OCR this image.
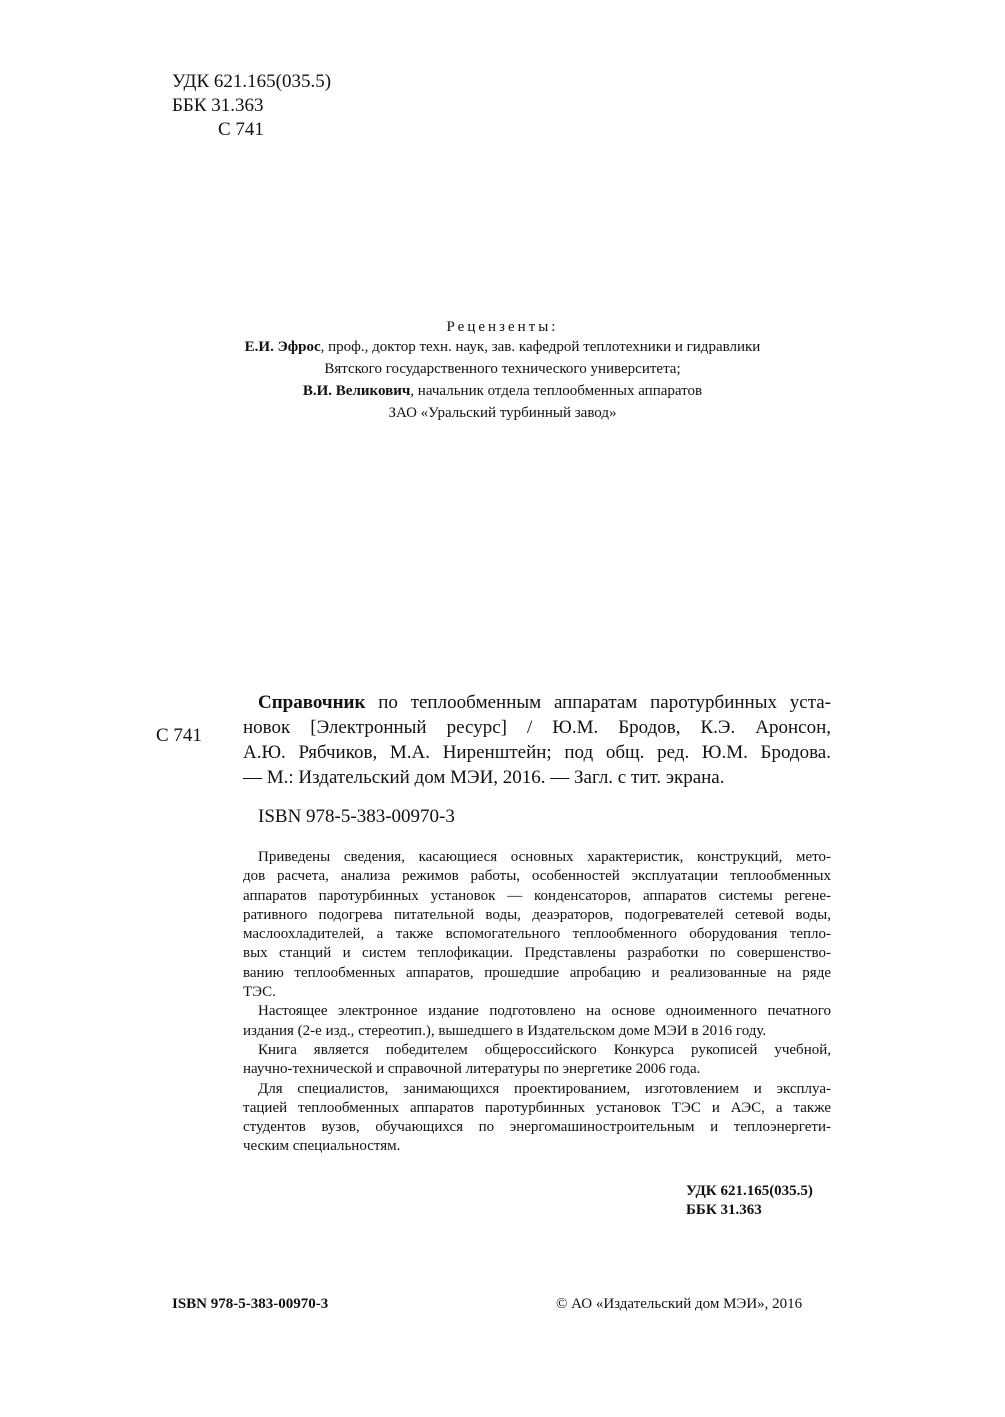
УДК 621.165(035.5)
ББК 31.363
С 741
Рецензенты:
Е.И. Эфрос, проф., доктор техн. наук, зав. кафедрой теплотехники и гидравлики
Вятского государственного технического университета;
В.И. Великович, начальник отдела теплообменных аппаратов
ЗАО «Уральский турбинный завод»
С 741
Справочник по теплообменным аппаратам паротурбинных уста-
новок [Электронный ресурс] / Ю.М. Бродов, К.Э. Аронсон,
А.Ю. Рябчиков, М.А. Ниренштейн; под общ. ред. Ю.М. Бродова.
— М.: Издательский дом МЭИ, 2016. — Загл. с тит. экрана.
ISBN 978-5-383-00970-3

Приведены сведения, касающиеся основных характеристик, конструкций, мето-
дов расчета, анализа режимов работы, особенностей эксплуатации теплообменных
аппаратов паротурбинных установок — конденсаторов, аппаратов системы регене-
ративного подогрева питательной воды, деаэраторов, подогревателей сетевой воды,
маслоохладителей, а также вспомогательного теплообменного оборудования теплo-
вых станций и систем теплофикации. Представлены разработки по совершенство-
ванию теплообменных аппаратов, прошедшие апробацию и реализованные на ряде
ТЭС.

Настоящее электронное издание подготовлено на основе одноименного печатного
издания (2-е изд., стереотип.), вышедшего в Издательском доме МЭИ в 2016 году.

Книга является победителем общероссийского Конкурса рукописей учебной,
научно-технической и справочной литературы по энергетике 2006 года.

Для специалистов, занимающихся проектированием, изготовлением и эксплуа-
тацией теплообменных аппаратов паротурбинных установок ТЭС и АЭС, а также
студентов вузов, обучающихся по энергомашиностроительным и теплоэнергети-
ческим специальностям.

УДК 621.165(035.5)
ББК 31.363
ISBN 978-5-383-00970-3	© АО «Издательский дом МЭИ», 2016
